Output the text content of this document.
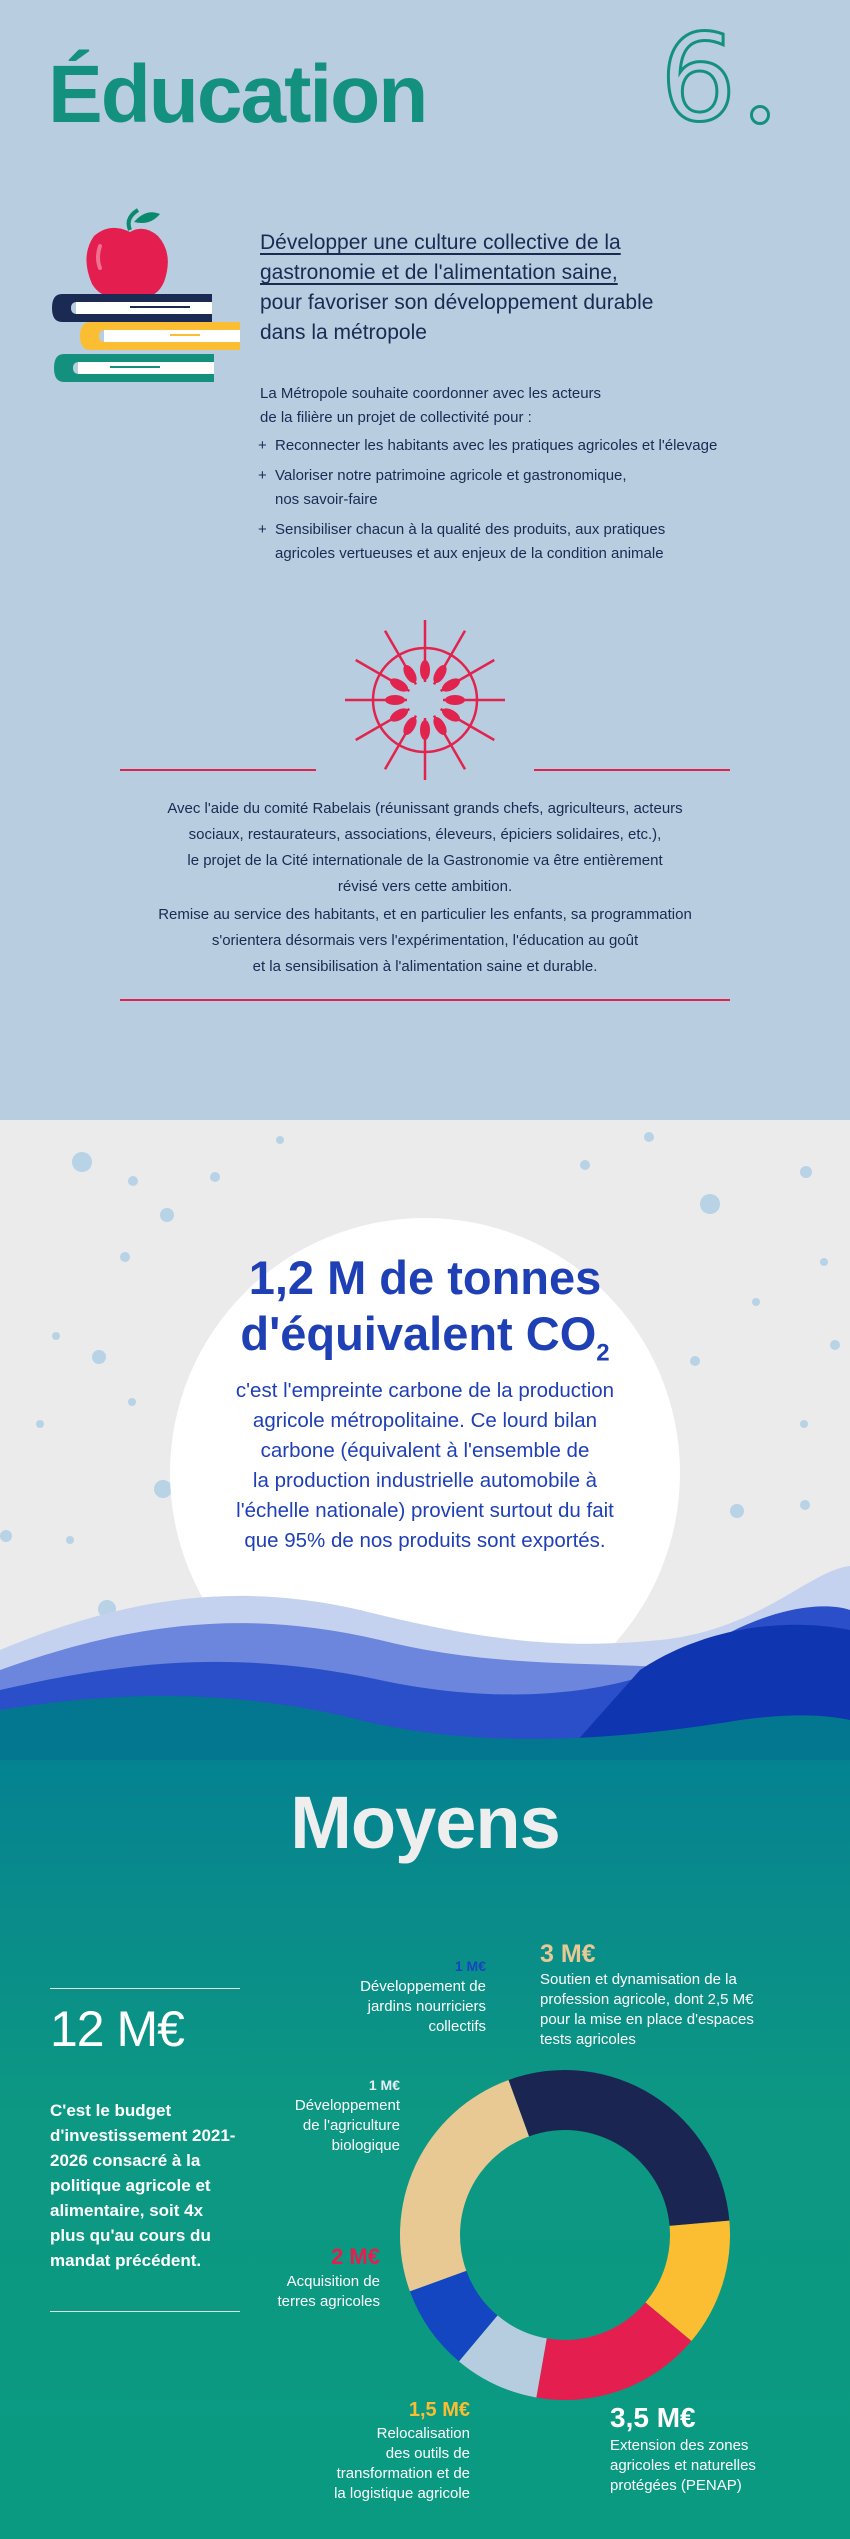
Éducation 6
Développer une culture collective de la
gastronomie et de l'alimentation saine,
pour favoriser son développement durable
dans la métropole
La Métropole souhaite coordonner avec les acteurs
de la filière un projet de collectivité pour :
+ Reconnecter les habitants avec les pratiques agricoles et l'élevage
+ Valoriser notre patrimoine agricole et gastronomique,
nos savoir-faire
+ Sensibiliser chacun à la qualité des produits, aux pratiques
agricoles vertueuses et aux enjeux de la condition animale

Avec l'aide du comité Rabelais (réunissant grands chefs, agriculteurs, acteurs
sociaux, restaurateurs, associations, éleveurs, épiciers solidaires, etc.),
le projet de la Cité internationale de la Gastronomie va être entièrement
révisé vers cette ambition.

Remise au service des habitants, et en particulier les enfants, sa programmation
s'orientera désormais vers l'expérimentation, l'éducation au goût
et la sensibilisation à l'alimentation saine et durable.

1,2 M de tonnes
d'équivalent $CO_2$
c'est l'empreinte carbone de la production
agricole métropolitaine. Ce lourd bilan
carbone (équivalent à l'ensemble de
la production industrielle automobile à
l'échelle nationale) provient surtout du fait
que 95% de nos produits sont exportés.
Moyens
12 M€
C'est le budget d'investissement 2021-2026 consacré à la politique agricole et alimentaire, soit 4x plus qu'au cours du mandat précédent.
3 M€
Soutien et dynamisation de la
profession agricole, dont 2,5 M€
pour la mise en place d'espaces
tests agricoles
3,5 M€
Extension des zones
agricoles et naturelles
protégées (PENAP)
1,5 M€
Relocalisation
des outils de
transformation et de
la logistique agricole
2 M€
Acquisition de
terres agricoles
1 M€
Développement
de l'agriculture
biologique
1 M€
Développement de
jardins nourriciers
collectifs
